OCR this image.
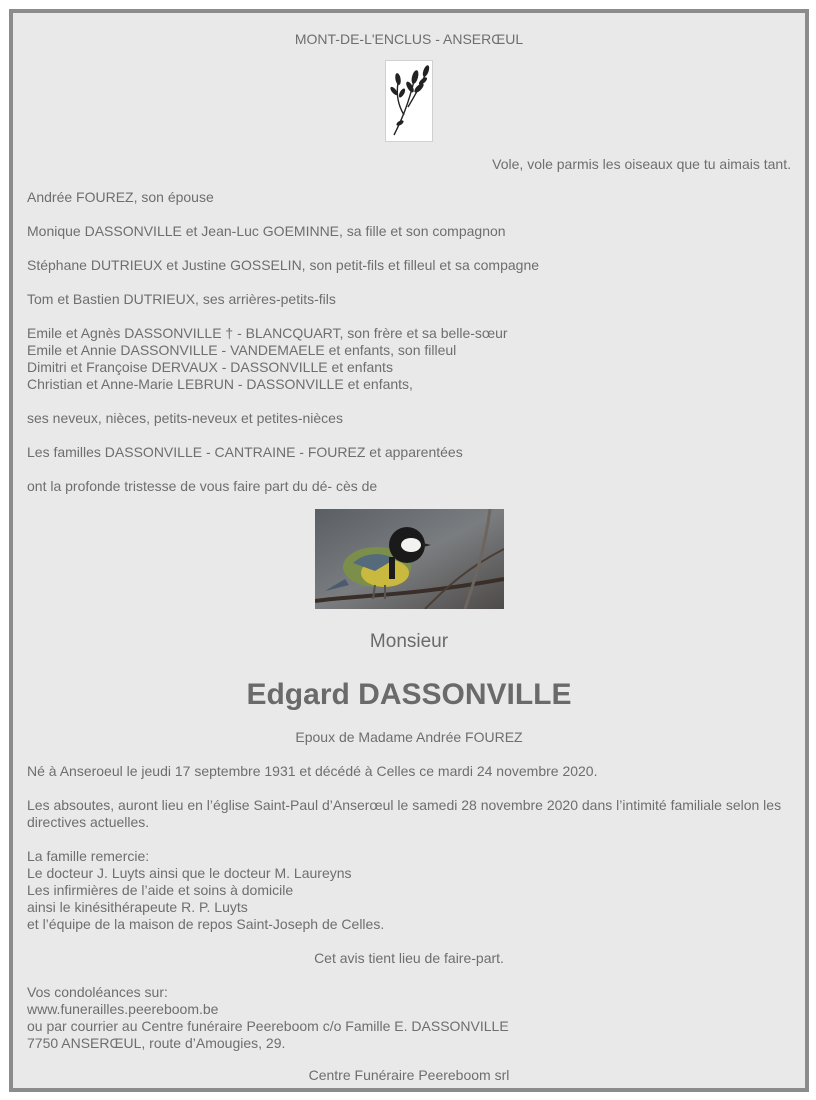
MONT-DE-L'ENCLUS - ANSERŒUL

Vole, vole parmis les oiseaux que tu aimais tant.

Andrée FOUREZ, son épouse

Monique DASSONVILLE et Jean-Luc GOEMINNE, sa fille et son compagnon

Stéphane DUTRIEUX et Justine GOSSELIN, son petit-fils et filleul et sa compagne

Tom et Bastien DUTRIEUX, ses arrières-petits-fils

Emile et Agnès DASSONVILLE † - BLANCQUART, son frère et sa belle-sœur

Emile et Annie DASSONVILLE - VANDEMAELE et enfants, son filleul

Dimitri et Françoise DERVAUX - DASSONVILLE et enfants

Christian et Anne-Marie LEBRUN - DASSONVILLE et enfants,

ses neveux, nièces, petits-neveux et petites-nièces

Les familles DASSONVILLE - CANTRAINE - FOUREZ et apparentées

ont la profonde tristesse de vous faire part du dé- cès de

Monsieur

Edgard DASSONVILLE

Epoux de Madame Andrée FOUREZ

Né à Anseroeul le jeudi 17 septembre 1931 et décédé à Celles ce mardi 24 novembre 2020.

Les absoutes, auront lieu en l’église Saint-Paul d’Anserœul le samedi 28 novembre 2020 dans l’intimité familiale selon les directives actuelles.

La famille remercie:

Le docteur J. Luyts ainsi que le docteur M. Laureyns

Les infirmières de l’aide et soins à domicile

ainsi le kinésithérapeute R. P. Luyts

et l’équipe de la maison de repos Saint-Joseph de Celles.

Cet avis tient lieu de faire-part.

Vos condoléances sur:

www.funerailles.peereboom.be

ou par courrier au Centre funéraire Peereboom c/o Famille E. DASSONVILLE

7750 ANSERŒUL, route d’Amougies, 29.

Centre Funéraire Peereboom srl
